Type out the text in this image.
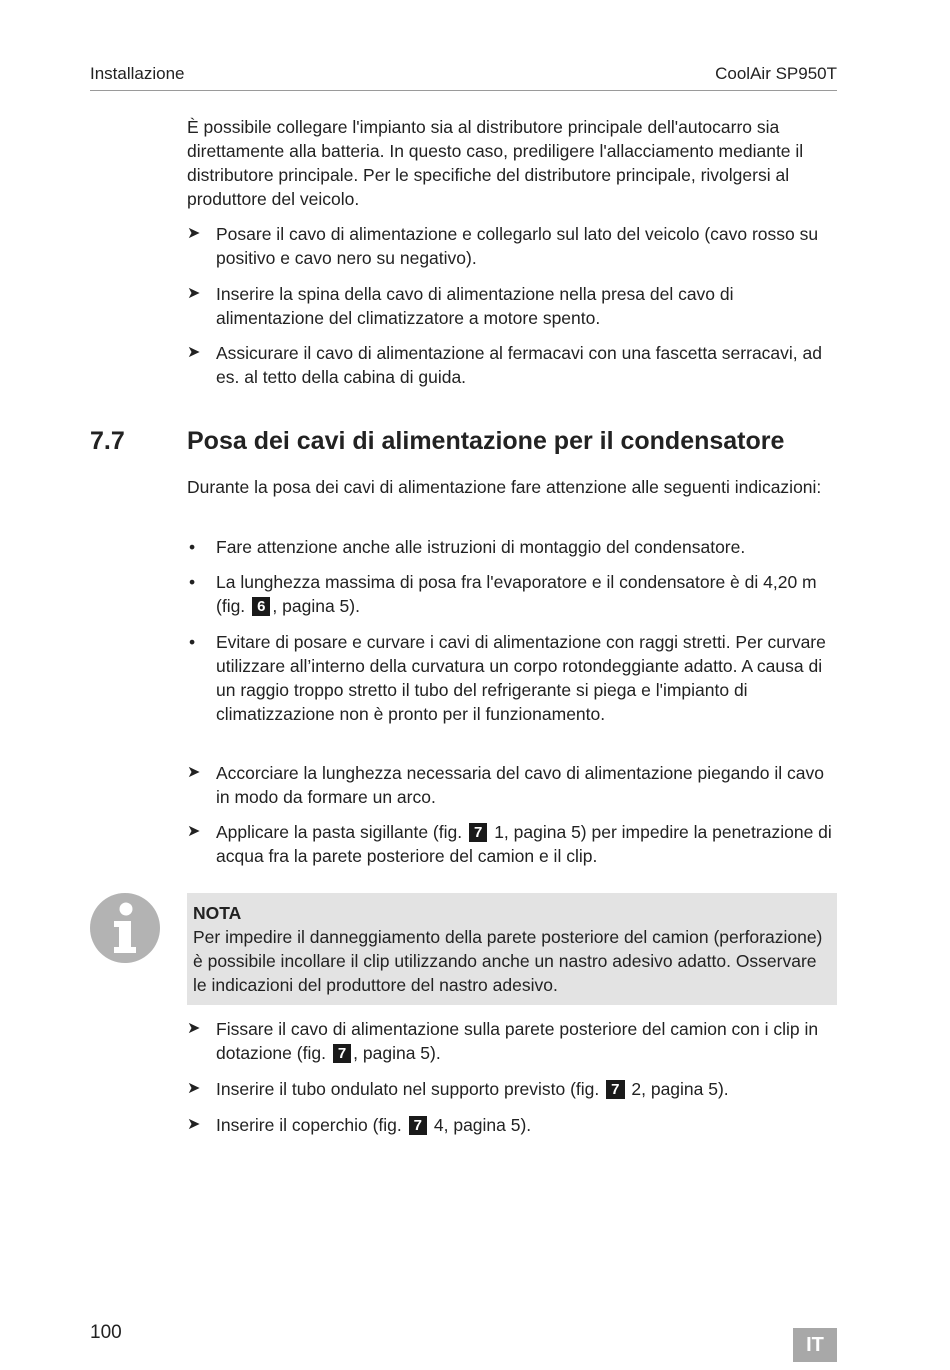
Installazione	CoolAir SP950T

È possibile collegare l'impianto sia al distributore principale dell'autocarro sia direttamente alla batteria. In questo caso, prediligere l'allacciamento mediante il distributore principale. Per le specifiche del distributore principale, rivolgersi al produttore del veicolo.

➤ Posare il cavo di alimentazione e collegarlo sul lato del veicolo (cavo rosso su positivo e cavo nero su negativo).
➤ Inserire la spina della cavo di alimentazione nella presa del cavo di alimentazione del climatizzatore a motore spento.
➤ Assicurare il cavo di alimentazione al fermacavi con una fascetta serracavi, ad es. al tetto della cabina di guida.
7.7 Posa dei cavi di alimentazione per il condensatore

Durante la posa dei cavi di alimentazione fare attenzione alle seguenti indicazioni:

•	Fare attenzione anche alle istruzioni di montaggio del condensatore.
•	La lunghezza massima di posa fra l'evaporatore e il condensatore è di 4,20 m (fig. 6 , pagina 5).
•	Evitare di posare e curvare i cavi di alimentazione con raggi stretti. Per curvare utilizzare all’interno della curvatura un corpo rotondeggiante adatto. A causa di un raggio troppo stretto il tubo del refrigerante si piega e l'impianto di climatizzazione non è pronto per il funzionamento.
➤ Accorciare la lunghezza necessaria del cavo di alimentazione piegando il cavo in modo da formare un arco.
➤ Applicare la pasta sigillante (fig. 7 1, pagina 5) per impedire la penetrazione di acqua fra la parete posteriore del camion e il clip.
NOTA
Per impedire il danneggiamento della parete posteriore del camion (perforazione) è possibile incollare il clip utilizzando anche un nastro adesivo adatto. Osservare le indicazioni del produttore del nastro adesivo.
➤ Fissare il cavo di alimentazione sulla parete posteriore del camion con i clip in dotazione (fig. 7 , pagina 5).
➤ Inserire il tubo ondulato nel supporto previsto (fig. 7 2, pagina 5).
➤ Inserire il coperchio (fig. 7 4, pagina 5).
100
IT
